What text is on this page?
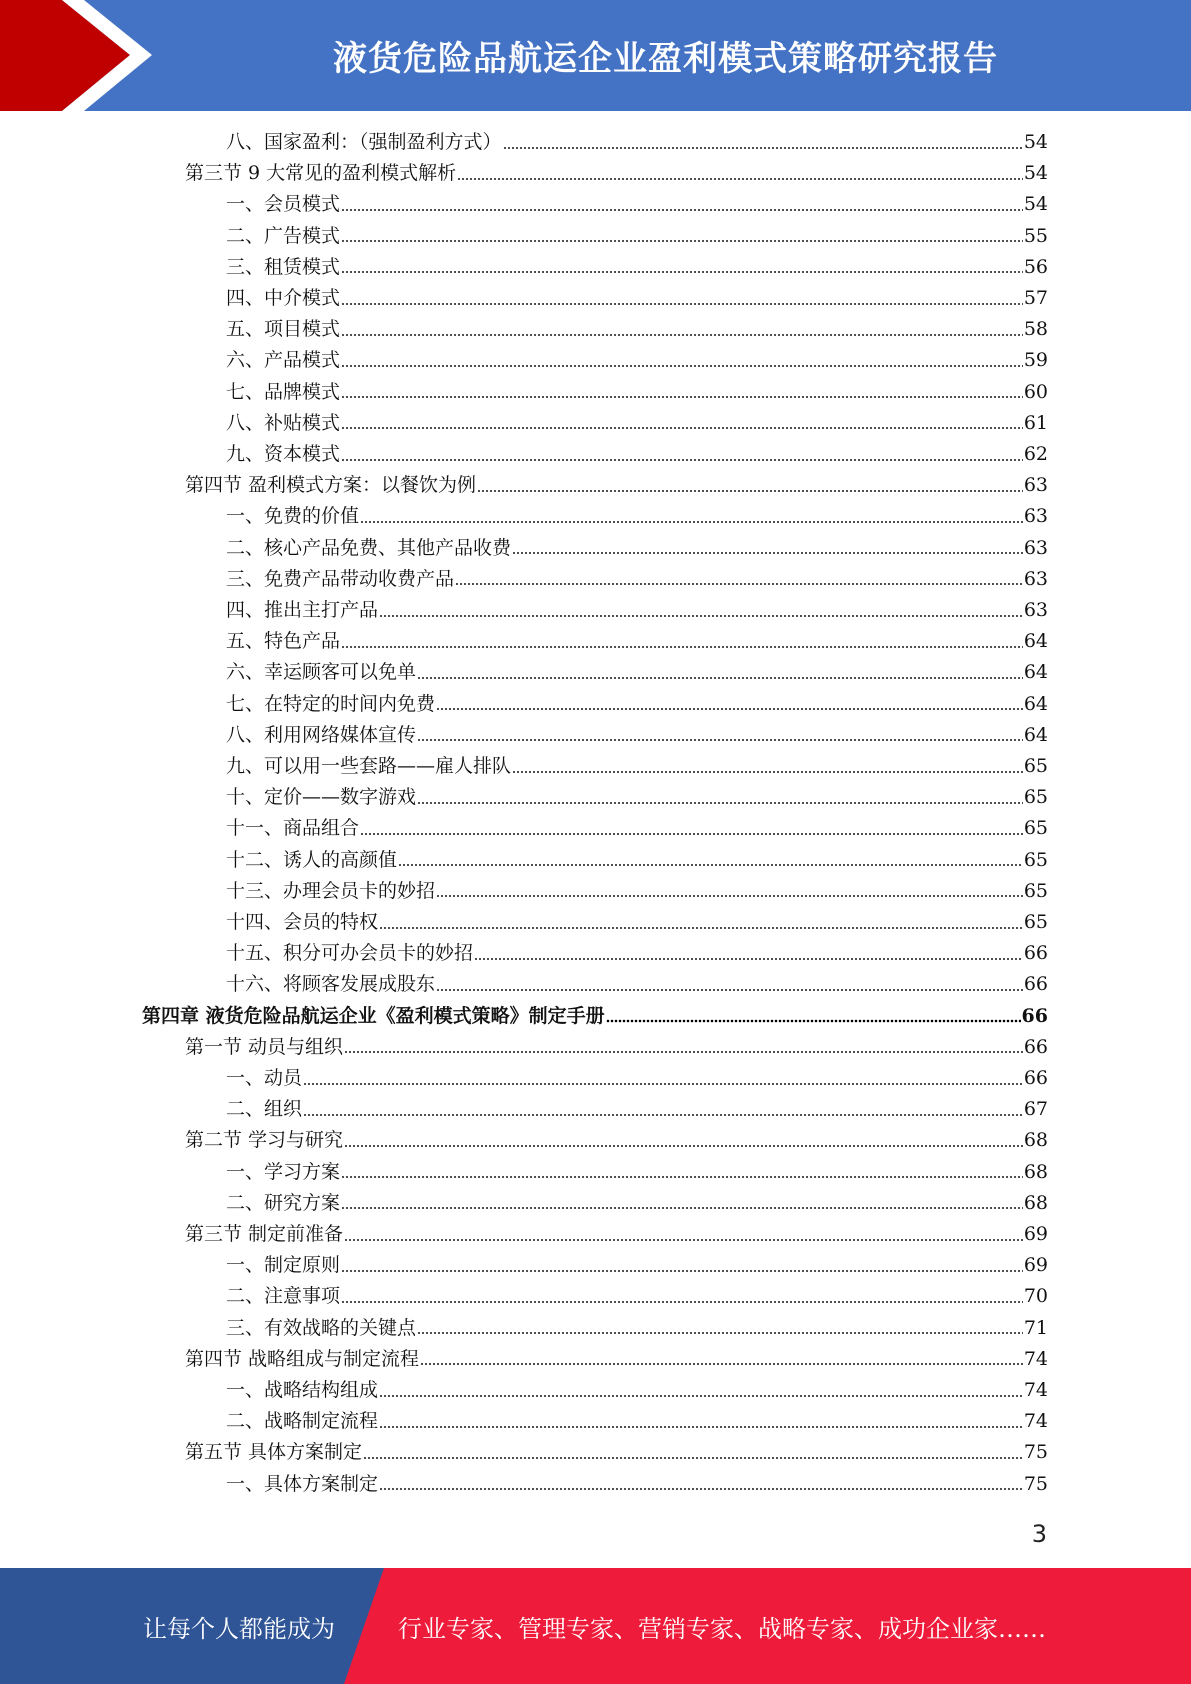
液货危险品航运企业盈利模式策略研究报告
八、国家盈利：（强制盈利方式）	54
第三节 9 大常见的盈利模式解析	54
一、会员模式	54
二、广告模式	55
三、租赁模式	56
四、中介模式	57
五、项目模式	58
六、产品模式	59
七、品牌模式	60
八、补贴模式	61
九、资本模式	62
第四节 盈利模式方案：以餐饮为例	63
一、免费的价值	63
二、核心产品免费、其他产品收费	63
三、免费产品带动收费产品	63
四、推出主打产品	63
五、特色产品	64
六、幸运顾客可以免单	64
七、在特定的时间内免费	64
八、利用网络媒体宣传	64
九、可以用一些套路——雇人排队	65
十、定价——数字游戏	65
十一、商品组合	65
十二、诱人的高颜值	65
十三、办理会员卡的妙招	65
十四、会员的特权	65
十五、积分可办会员卡的妙招	66
十六、将顾客发展成股东	66
第四章 液货危险品航运企业《盈利模式策略》制定手册	66
第一节 动员与组织	66
一、动员	66
二、组织	67
第二节 学习与研究	68
一、学习方案	68
二、研究方案	68
第三节 制定前准备	69
一、制定原则	69
二、注意事项	70
三、有效战略的关键点	71
第四节 战略组成与制定流程	74
一、战略结构组成	74
二、战略制定流程	74
第五节 具体方案制定	75
一、具体方案制定	75
3
让每个人都能成为	行业专家、管理专家、营销专家、战略专家、成功企业家……
